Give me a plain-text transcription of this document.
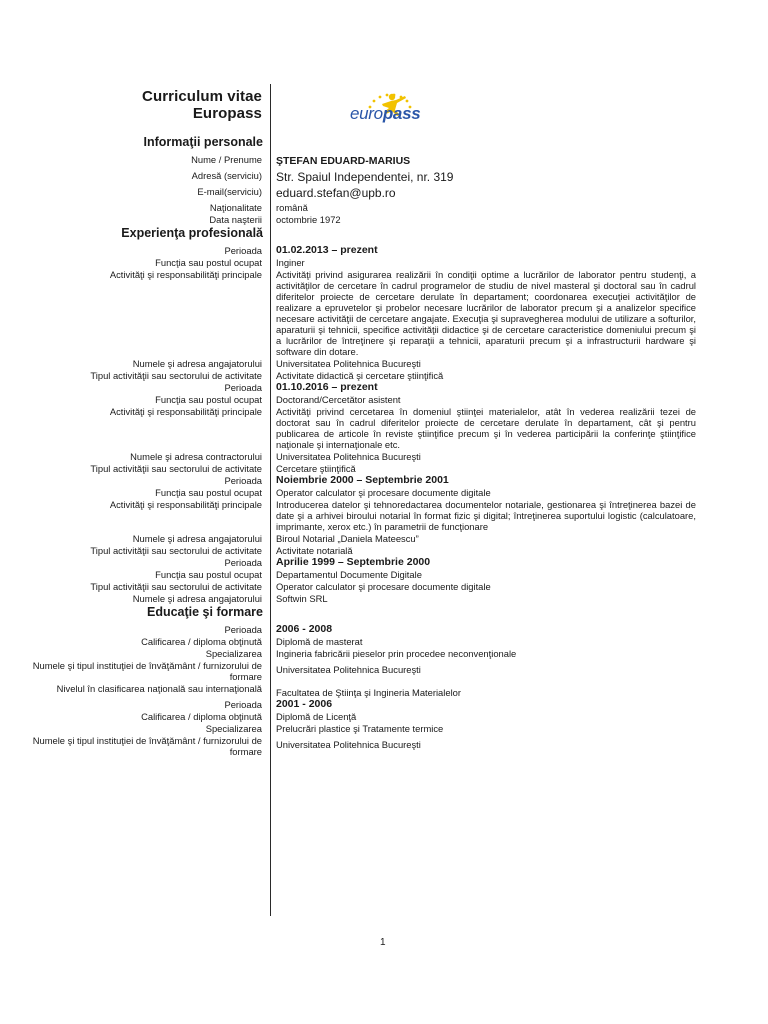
Curriculum vitae
Europass	europass
Informaţii personale
Nume / Prenume ŞTEFAN EDUARD-MARIUS
Adresă (serviciu) Str. Spaiul Independentei, nr. 319
E-mail(serviciu) eduard.stefan@upb.ro
Naţionalitate română
Data naşterii octombrie 1972
Experienţa profesională
Perioada 01.02.2013 – prezent
Funcţia sau postul ocupat Inginer
Activităţi şi responsabilităţi principale Activităţi privind asigurarea realizării în condiţii optime a lucrărilor de laborator pentru studenţi, a activităţilor de cercetare în cadrul programelor de studiu de nivel masteral şi doctoral sau în cadrul diferitelor proiecte de cercetare derulate în departament; coordonarea execuţiei activităţilor de realizare a epruvetelor şi probelor necesare lucrărilor de laborator precum şi a analizelor specifice necesare activităţii de cercetare angajate. Execuţia şi supravegherea modului de utilizare a softurilor, aparaturii şi tehnicii, specifice activităţii didactice şi de cercetare caracteristice domeniului precum şi a lucrărilor de întreţinere şi reparaţii a tehnicii, aparaturii precum şi a infrastructurii hardware şi software din dotare.
Numele şi adresa angajatorului Universitatea Politehnica Bucureşti
Tipul activităţii sau sectorului de activitate Activitate didactică şi cercetare ştiinţifică
Perioada 01.10.2016 – prezent
Funcţia sau postul ocupat Doctorand/Cercetător asistent
Activităţi şi responsabilităţi principale Activităţi privind cercetarea în domeniul ştiinţei materialelor, atât în vederea realizării tezei de doctorat sau în cadrul diferitelor proiecte de cercetare derulate în departament, cât şi pentru publicarea de articole în reviste ştiinţifice precum şi în vederea participării la conferinţe ştiinţifice naţionale şi internaţionale etc.
Numele şi adresa contractorului Universitatea Politehnica Bucureşti
Tipul activităţii sau sectorului de activitate Cercetare ştiinţifică
Perioada Noiembrie 2000 – Septembrie 2001
Funcţia sau postul ocupat Operator calculator şi procesare documente digitale
Activităţi şi responsabilităţi principale Introducerea datelor şi tehnoredactarea documentelor notariale, gestionarea şi întreţinerea bazei de date şi a arhivei biroului notarial în format fizic şi digital; întreţinerea suportului logistic (calculatoare, imprimante, xerox etc.) în parametrii de funcţionare
Numele şi adresa angajatorului Biroul Notarial „Daniela Mateescu”
Tipul activităţii sau sectorului de activitate Activitate notarială
Perioada Aprilie 1999 – Septembrie 2000
Funcţia sau postul ocupat Departamentul Documente Digitale
Tipul activităţii sau sectorului de activitate Operator calculator şi procesare documente digitale
Numele şi adresa angajatorului Softwin SRL
Educaţie şi formare
Perioada 2006 - 2008
Calificarea / diploma obţinută Diplomă de masterat
Specializarea Ingineria fabricării pieselor prin procedee neconvenţionale
Numele şi tipul instituţiei de învăţământ / furnizorului de formare
Universitatea Politehnica Bucureşti
Nivelul în clasificarea naţională sau internaţională Facultatea de Ştiinţa şi Ingineria Materialelor
Perioada 2001 - 2006
Calificarea / diploma obţinută Diplomă de Licenţă
Specializarea Prelucrări plastice şi Tratamente termice
Numele şi tipul instituţiei de învăţământ / furnizorului de formare
Universitatea Politehnica Bucureşti
1
